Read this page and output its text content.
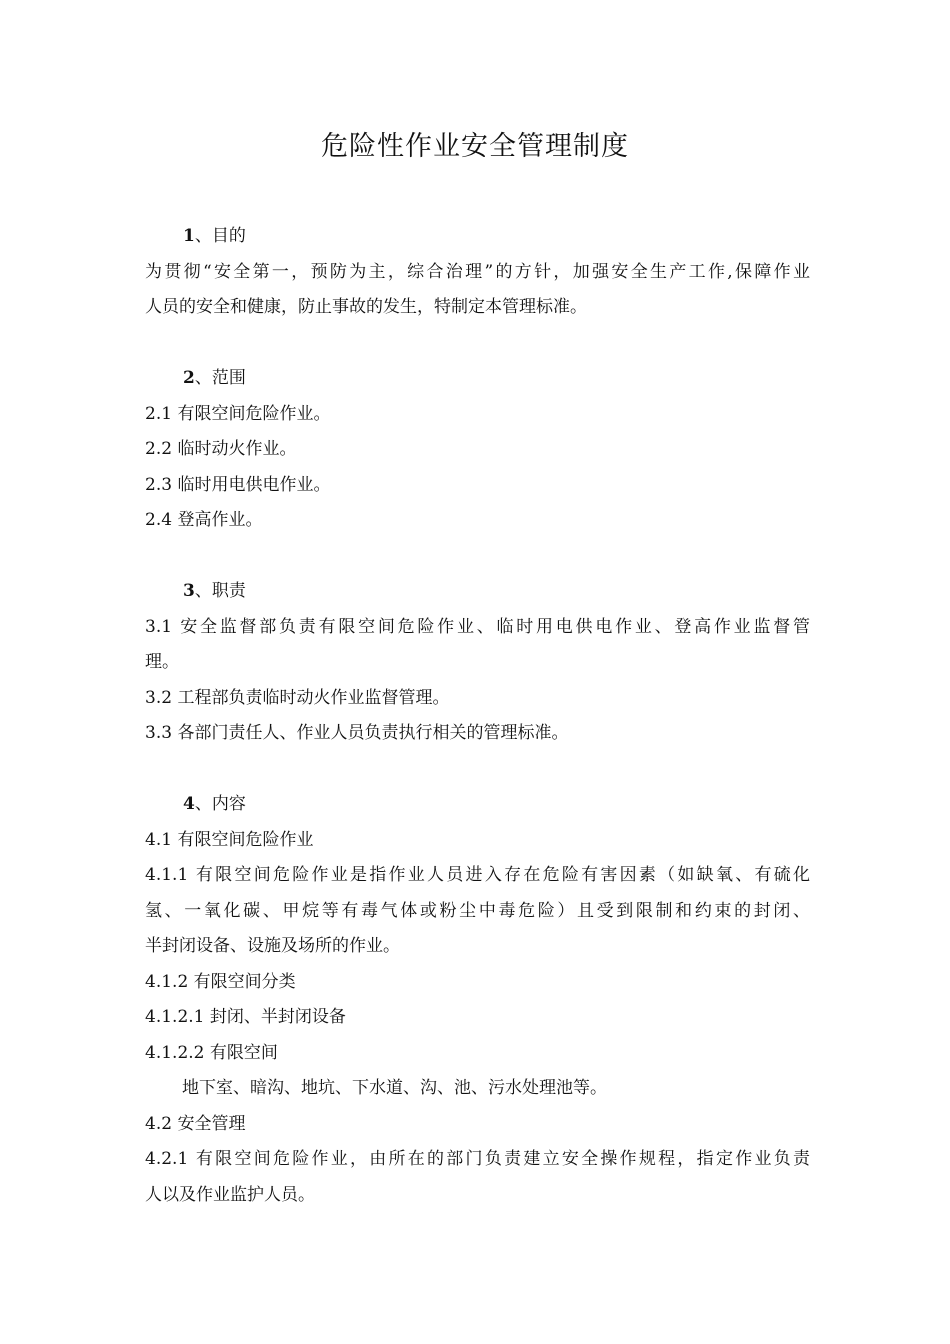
危险性作业安全管理制度
1、目的
为贯彻“安全第一，预防为主，综合治理”的方针，加强安全生产工作,保障作业
人员的安全和健康，防止事故的发生，特制定本管理标准。
2、范围
2.1 有限空间危险作业。
2.2 临时动火作业。
2.3 临时用电供电作业。
2.4 登高作业。
3、职责
3.1 安全监督部负责有限空间危险作业、临时用电供电作业、登高作业监督管
理。
3.2 工程部负责临时动火作业监督管理。
3.3 各部门责任人、作业人员负责执行相关的管理标准。
4、内容
4.1 有限空间危险作业
4.1.1 有限空间危险作业是指作业人员进入存在危险有害因素（如缺氧、有硫化
氢、一氧化碳、甲烷等有毒气体或粉尘中毒危险）且受到限制和约束的封闭、
半封闭设备、设施及场所的作业。
4.1.2 有限空间分类
4.1.2.1 封闭、半封闭设备
4.1.2.2 有限空间
地下室、暗沟、地坑、下水道、沟、池、污水处理池等。
4.2 安全管理
4.2.1 有限空间危险作业，由所在的部门负责建立安全操作规程，指定作业负责
人以及作业监护人员。
